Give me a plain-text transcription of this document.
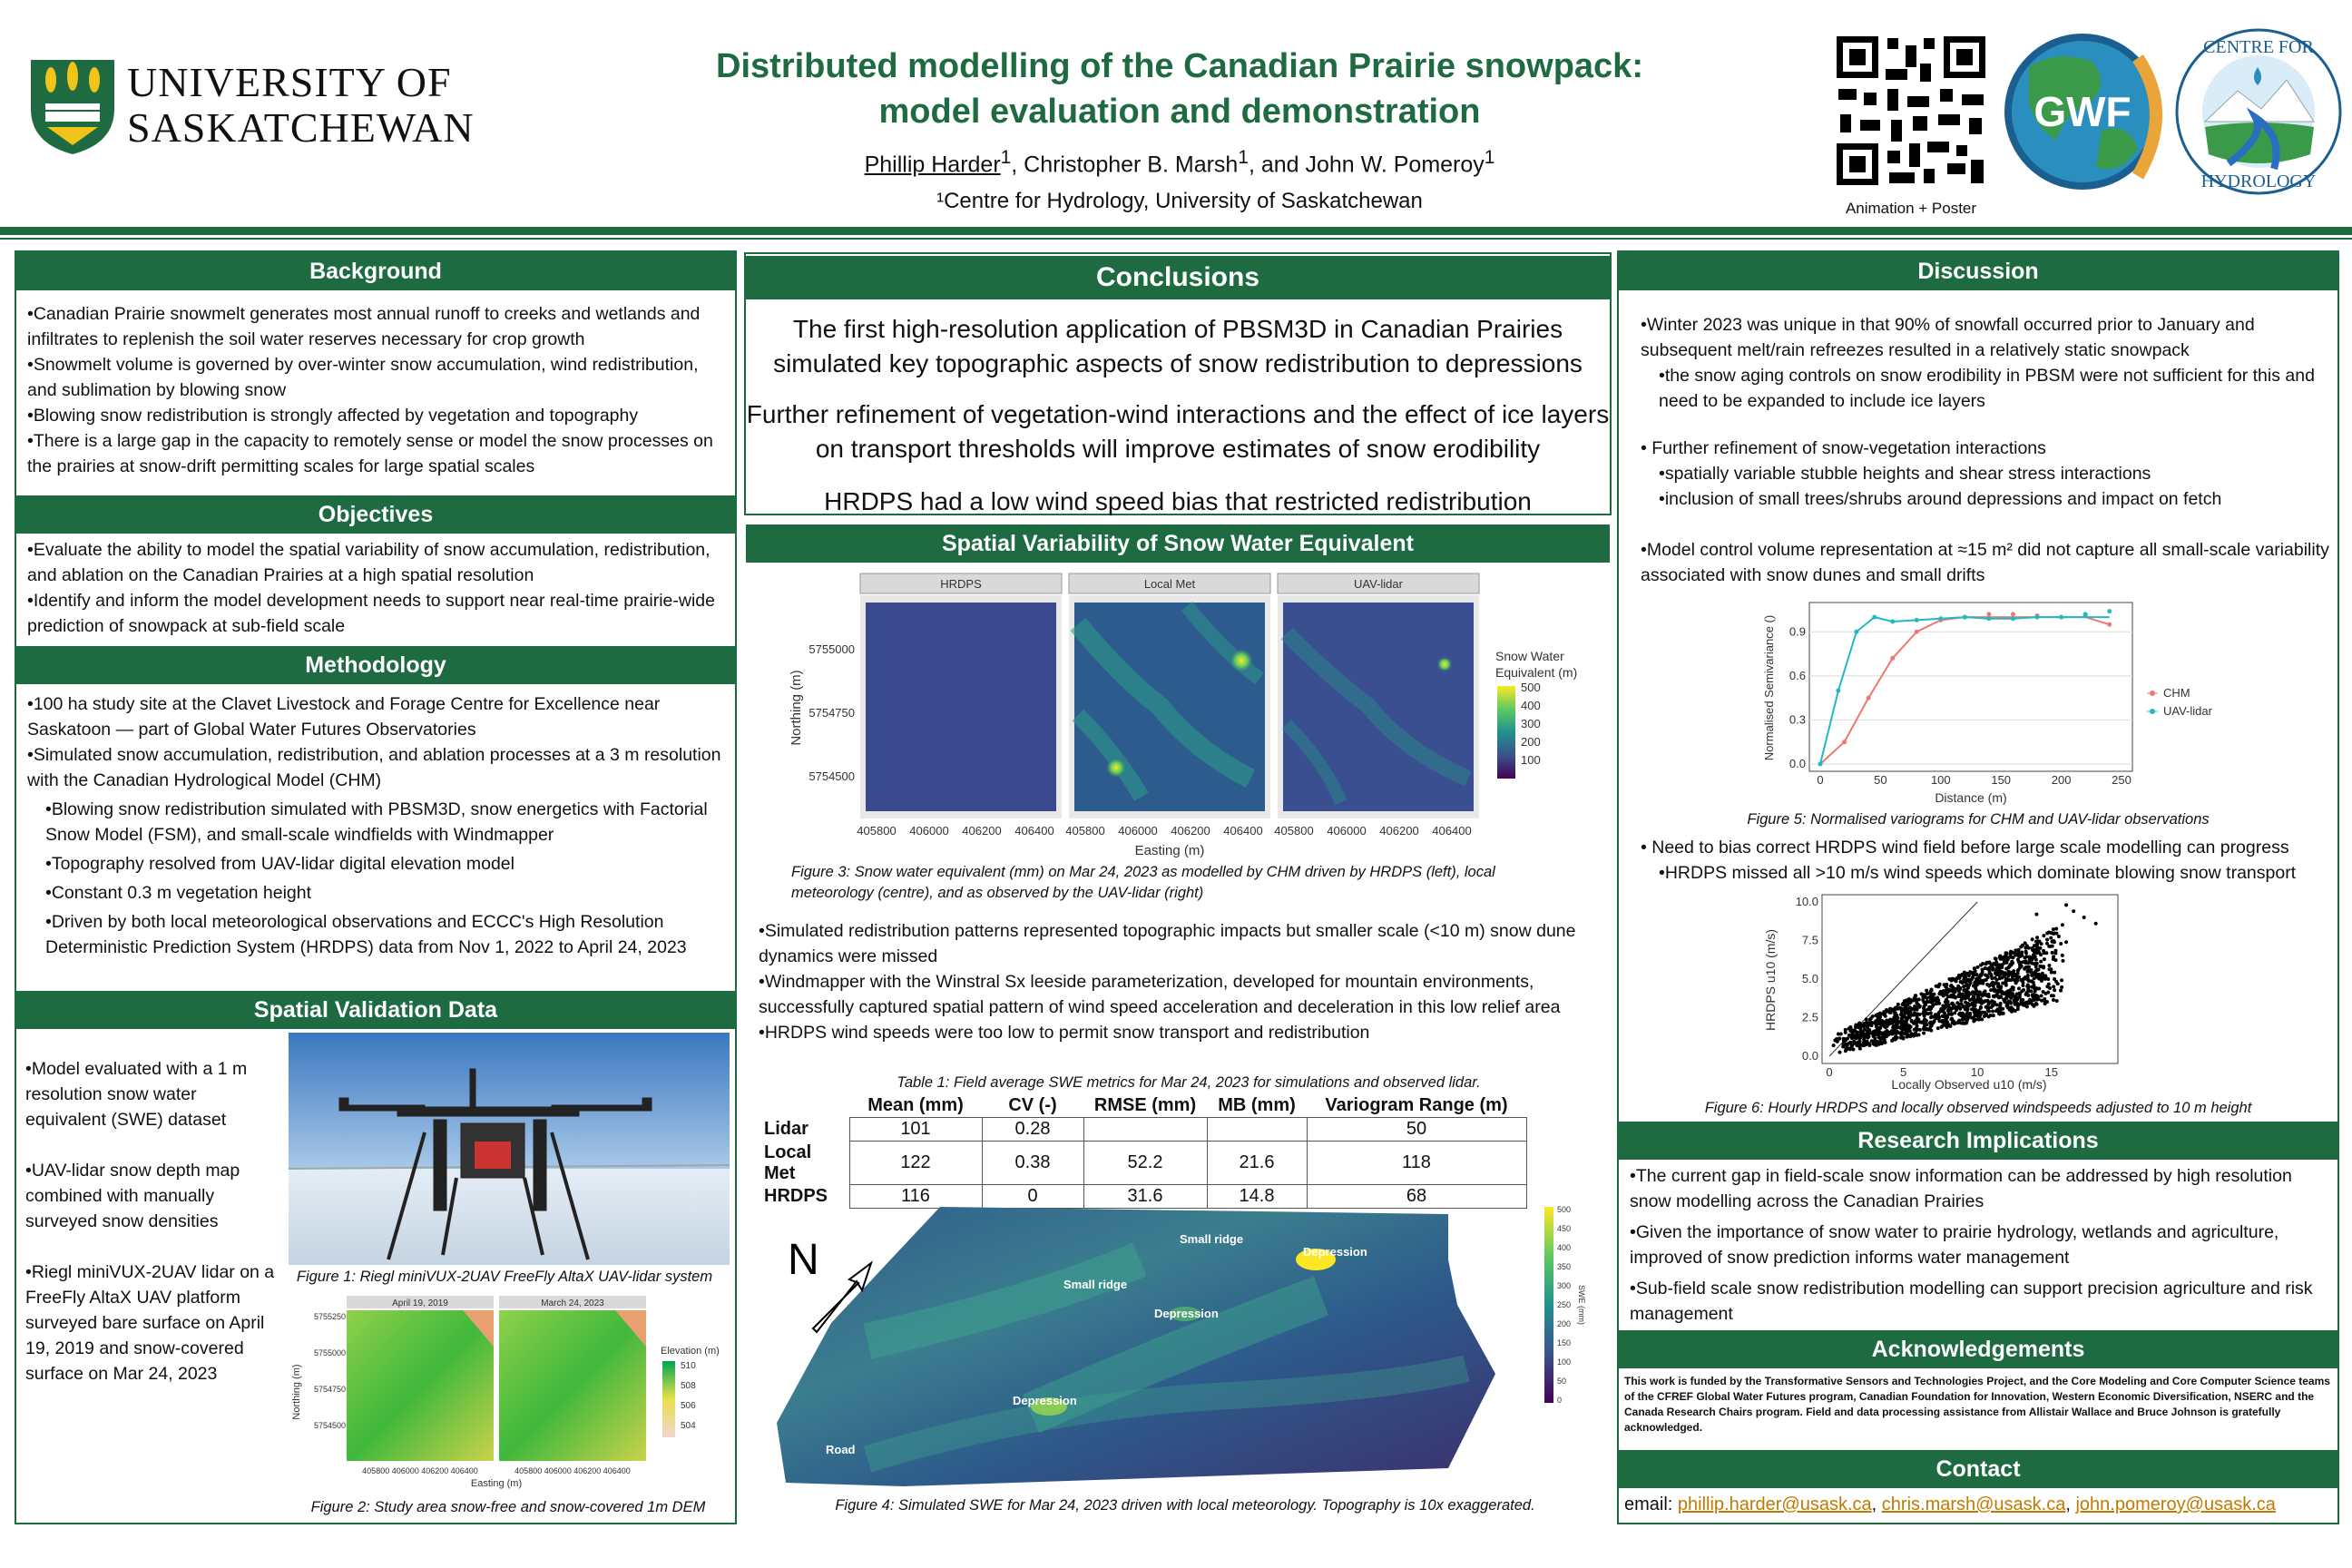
UNIVERSITY OF
SASKATCHEWAN
Distributed modelling of the Canadian Prairie snowpack:
model evaluation and demonstration
Phillip Harder$^1$, Christopher B. Marsh$^1$, and John W. Pomeroy$^1$
¹Centre for Hydrology, University of Saskatchewan	Animation + Poster
GWF
CENTRE FOR
HYDROLOGY
Background

•Canadian Prairie snowmelt generates most annual runoff to creeks and wetlands and infiltrates to replenish the soil water reserves necessary for crop growth

•Snowmelt volume is governed by over-winter snow accumulation, wind redistribution, and sublimation by blowing snow

•Blowing snow redistribution is strongly affected by vegetation and topography

•There is a large gap in the capacity to remotely sense or model the snow processes on the prairies at snow-drift permitting scales for large spatial scales

Objectives

•Evaluate the ability to model the spatial variability of snow accumulation, redistribution, and ablation on the Canadian Prairies at a high spatial resolution

•Identify and inform the model development needs to support near real-time prairie-wide prediction of snowpack at sub-field scale

Methodology

•100 ha study site at the Clavet Livestock and Forage Centre for Excellence near Saskatoon — part of Global Water Futures Observatories

•Simulated snow accumulation, redistribution, and ablation processes at a 3 m resolution with the Canadian Hydrological Model (CHM)

•Blowing snow redistribution simulated with PBSM3D, snow energetics with Factorial Snow Model (FSM), and small-scale windfields with Windmapper

•Topography resolved from UAV-lidar digital elevation model

•Constant 0.3 m vegetation height

•Driven by both local meteorological observations and ECCC's High Resolution Deterministic Prediction System (HRDPS) data from Nov 1, 2022 to April 24, 2023

Spatial Validation Data

•Model evaluated with a 1 m resolution snow water equivalent (SWE) dataset

•UAV-lidar snow depth map combined with manually surveyed snow densities

•Riegl miniVUX-2UAV lidar on a FreeFly AltaX UAV platform surveyed bare surface on April 19, 2019 and snow-covered surface on Mar 24, 2023

Figure 1: Riegl miniVUX-2UAV FreeFly AltaX UAV-lidar system
April 19, 2019	March 24, 2023
5755250
5755000
5754750
5754500
Northing (m)
405800 406000 406200 406400	405800 406000 406200 406400
Easting (m)
Elevation (m)
510
508
506
504
Figure 2: Study area snow-free and snow-covered 1m DEM
Conclusions
The first high-resolution application of PBSM3D in Canadian Prairies simulated key topographic aspects of snow redistribution to depressions
Further refinement of vegetation-wind interactions and the effect of ice layers on transport thresholds will improve estimates of snow erodibility
HRDPS had a low wind speed bias that restricted redistribution
Spatial Variability of Snow Water Equivalent
HRDPS	Local Met	UAV-lidar
5755000
5754750
5754500
Northing (m)
405800 406000 406200 406400 405800 406000 406200 406400 405800 406000 406200 406400
Easting (m)
Snow Water
Equivalent (m)
500
400
300
200
100
Figure 3: Snow water equivalent (mm) on Mar 24, 2023 as modelled by CHM driven by HRDPS (left), local meteorology (centre), and as observed by the UAV-lidar (right)

•Simulated redistribution patterns represented topographic impacts but smaller scale (<10 m) snow dune dynamics were missed

•Windmapper with the Winstral Sx leeside parameterization, developed for mountain environments, successfully captured spatial pattern of wind speed acceleration and deceleration in this low relief area

•HRDPS wind speeds were too low to permit snow transport and redistribution

Table 1: Field average SWE metrics for Mar 24, 2023 for simulations and observed lidar.
	Mean (mm)	CV (-)	RMSE (mm)	MB (mm)	Variogram Range (m)
Lidar	101	0.28			50
Local Met	122	0.38	52.2	21.6	118
HRDPS	116	0	31.6	14.8	68
Small ridge
Depression
Small ridge
Depression
Depression
Road
N
500
450
400
350
300
250
200
150
100
50
0
SWE (mm)
Figure 4: Simulated SWE for Mar 24, 2023 driven with local meteorology. Topography is 10x exaggerated.
Discussion

•Winter 2023 was unique in that 90% of snowfall occurred prior to January and subsequent melt/rain refreezes resulted in a relatively static snowpack

•the snow aging controls on snow erodibility in PBSM were not sufficient for this and need to be expanded to include ice layers

• Further refinement of snow-vegetation interactions

•spatially variable stubble heights and shear stress interactions

•inclusion of small trees/shrubs around depressions and impact on fetch

•Model control volume representation at ≈15 m² did not capture all small-scale variability associated with snow dunes and small drifts

Normalised Semivariance ()
Distance (m)
0.9
0.6
0.3
0.0
0	50	100	150	200	250
CHM
UAV-lidar
Figure 5: Normalised variograms for CHM and UAV-lidar observations

• Need to bias correct HRDPS wind field before large scale modelling can progress

•HRDPS missed all >10 m/s wind speeds which dominate blowing snow transport

HRDPS u10 (m/s)
Locally Observed u10 (m/s)
10.0
7.5
5.0
2.5
0.0
0	5	10	15
Figure 6: Hourly HRDPS and locally observed windspeeds adjusted to 10 m height
Research Implications

•The current gap in field-scale snow information can be addressed by high resolution snow modelling across the Canadian Prairies

•Given the importance of snow water to prairie hydrology, wetlands and agriculture, improved of snow prediction informs water management

•Sub-field scale snow redistribution modelling can support precision agriculture and risk management

Acknowledgements
This work is funded by the Transformative Sensors and Technologies Project, and the Core Modeling and Core Computer Science teams of the CFREF Global Water Futures program, Canadian Foundation for Innovation, Western Economic Diversification, NSERC and the Canada Research Chairs program. Field and data processing assistance from Allistair Wallace and Bruce Johnson is gratefully acknowledged.
Contact
email: phillip.harder@usask.ca, chris.marsh@usask.ca, john.pomeroy@usask.ca
